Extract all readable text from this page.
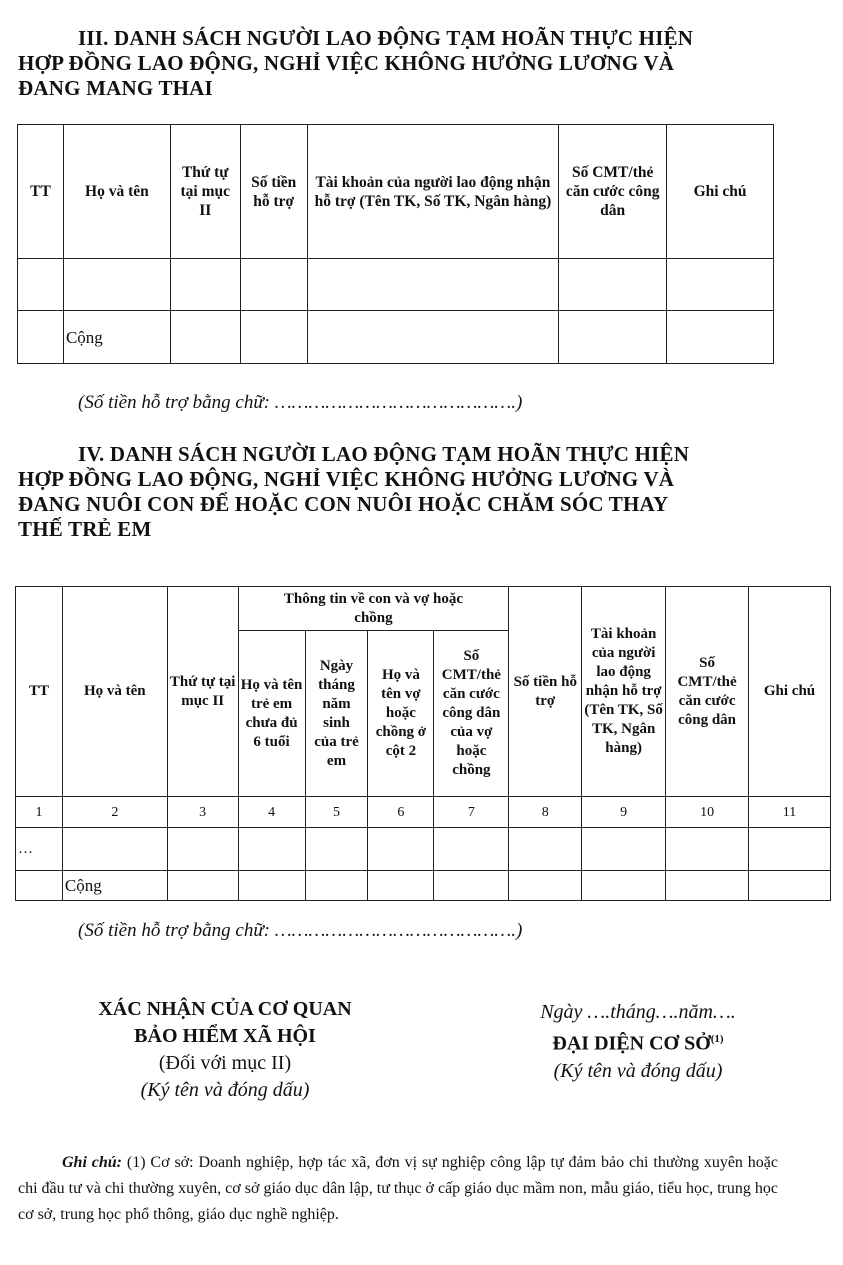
III. DANH SÁCH NGƯỜI LAO ĐỘNG TẠM HOÃN THỰC HIỆN
HỢP ĐỒNG LAO ĐỘNG, NGHỈ VIỆC KHÔNG HƯỞNG LƯƠNG VÀ
ĐANG MANG THAI
TT	Họ và tên	Thứ tự tại mục II	Số tiền hỗ trợ	Tài khoản của người lao động nhận hỗ trợ (Tên TK, Số TK, Ngân hàng)	Số CMT/thẻ căn cước công dân	Ghi chú

	Cộng					
(Số tiền hỗ trợ bằng chữ: …………………………………….)
IV. DANH SÁCH NGƯỜI LAO ĐỘNG TẠM HOÃN THỰC HIỆN
HỢP ĐỒNG LAO ĐỘNG, NGHỈ VIỆC KHÔNG HƯỞNG LƯƠNG VÀ
ĐANG NUÔI CON ĐỂ HOẶC CON NUÔI HOẶC CHĂM SÓC THAY
THẾ TRẺ EM
TT	Họ và tên	Thứ tự tại mục II	Thông tin về con và vợ hoặc chồng				Số tiền hỗ trợ	Tài khoản của người lao động nhận hỗ trợ (Tên TK, Số TK, Ngân hàng)	Số CMT/thẻ căn cước công dân	Ghi chú
			Họ và tên trẻ em chưa đủ 6 tuổi	Ngày tháng năm sinh của trẻ em	Họ và tên vợ hoặc chồng ở cột 2	Số CMT/thẻ căn cước công dân của vợ hoặc chồng				
1	2	3	4	5	6	7	8	9	10	11
…										
	Cộng									
(Số tiền hỗ trợ bằng chữ: …………………………………….)
XÁC NHẬN CỦA CƠ QUAN
BẢO HIỂM XÃ HỘI
(Đối với mục II)
(Ký tên và đóng dấu)
Ngày ….tháng….năm….
ĐẠI DIỆN CƠ SỞ$^{(1)}$
(Ký tên và đóng dấu)
Ghi chú: (1) Cơ sở: Doanh nghiệp, hợp tác xã, đơn vị sự nghiệp công lập tự đảm bảo chi thường xuyên hoặc chi đầu tư và chi thường xuyên, cơ sở giáo dục dân lập, tư thục ở cấp giáo dục mầm non, mẫu giáo, tiểu học, trung học cơ sở, trung học phổ thông, giáo dục nghề nghiệp.
